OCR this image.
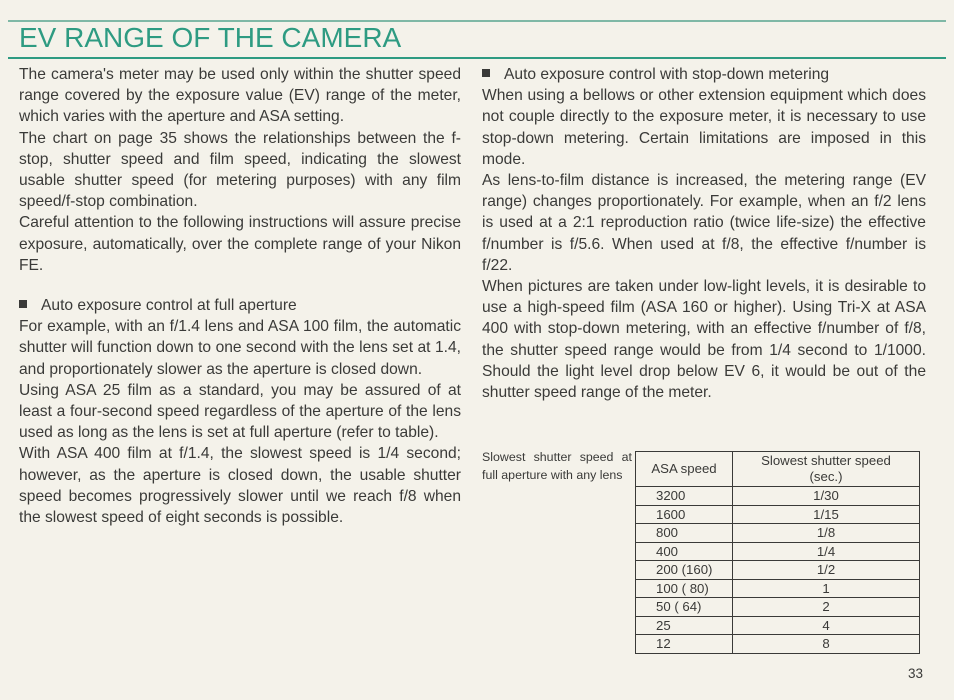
EV RANGE OF THE CAMERA

The camera's meter may be used only within the shutter speed range covered by the exposure value (EV) range of the meter, which varies with the aperture and ASA setting.

The chart on page 35 shows the relationships between the f-stop, shutter speed and film speed, indicating the slowest usable shutter speed (for metering purposes) with any film speed/f-stop combination.

Careful attention to the following instructions will assure precise exposure, automatically, over the complete range of your Nikon FE.

Auto exposure control at full aperture

For example, with an f/1.4 lens and ASA 100 film, the automatic shutter will function down to one second with the lens set at 1.4, and proportionately slower as the aperture is closed down.

Using ASA 25 film as a standard, you may be assured of at least a four-second speed regardless of the aperture of the lens used as long as the lens is set at full aperture (refer to table).

With ASA 400 film at f/1.4, the slowest speed is 1/4 second; however, as the aperture is closed down, the usable shutter speed becomes progressively slower until we reach f/8 when the slowest speed of eight seconds is possible.

Auto exposure control with stop-down metering

When using a bellows or other extension equipment which does not couple directly to the exposure meter, it is necessary to use stop-down metering. Certain limitations are imposed in this mode.

As lens-to-film distance is increased, the metering range (EV range) changes proportionately. For example, when an f/2 lens is used at a 2:1 reproduction ratio (twice life-size) the effective f/number is f/5.6. When used at f/8, the effective f/number is f/22.

When pictures are taken under low-light levels, it is desirable to use a high-speed film (ASA 160 or higher). Using Tri-X at ASA 400 with stop-down metering, with an effective f/number of f/8, the shutter speed range would be from 1/4 second to 1/1000. Should the light level drop below EV 6, it would be out of the shutter speed range of the meter.

Slowest shutter speed at full aperture with any lens	ASA speed	Slowest shutter speed
(sec.)
3200	1/30
1600	1/15
800	1/8
400	1/4
200 (160)	1/2
100 ( 80)	1
50 ( 64)	2
25	4
12	8
33
